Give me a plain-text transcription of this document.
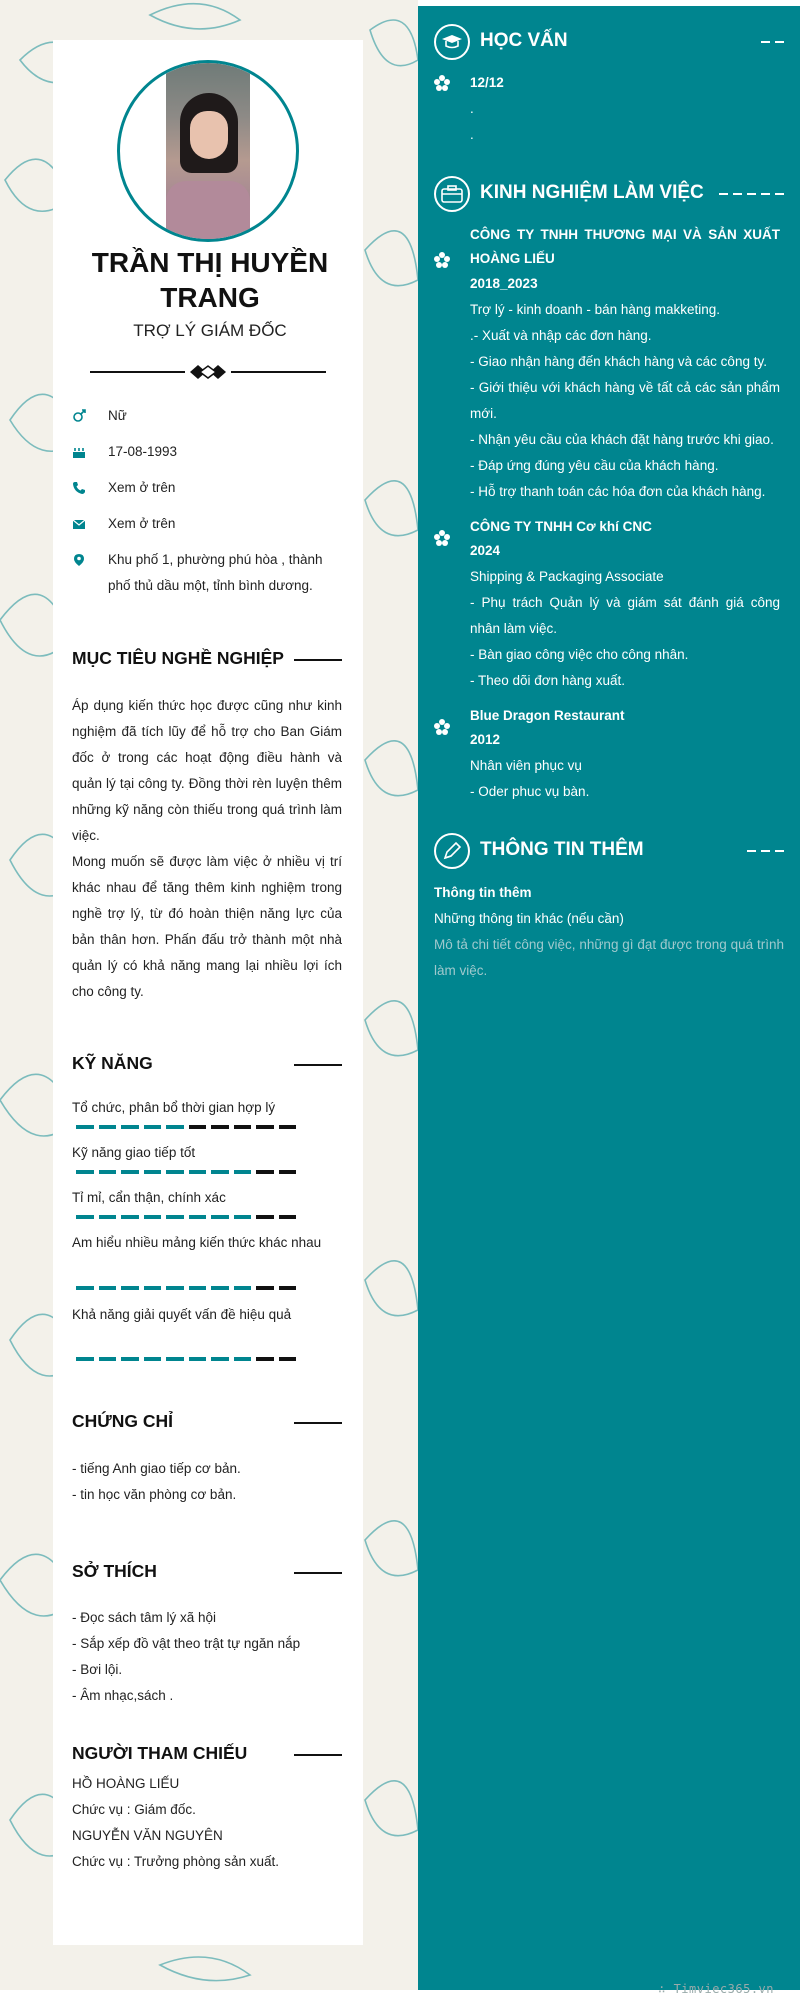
TRẦN THỊ HUYỀN TRANG
TRỢ LÝ GIÁM ĐỐC
Nữ
17-08-1993
Xem ở trên
Xem ở trên
Khu phố 1, phường phú hòa , thành phố thủ dầu một, tỉnh bình dương.
MỤC TIÊU NGHỀ NGHIỆP
Áp dụng kiến thức học được cũng như kinh nghiệm đã tích lũy để hỗ trợ cho Ban Giám đốc ở trong các hoạt động điều hành và quản lý tại công ty. Đồng thời rèn luyện thêm những kỹ năng còn thiếu trong quá trình làm việc.
Mong muốn sẽ được làm việc ở nhiều vị trí khác nhau để tăng thêm kinh nghiệm trong nghề trợ lý, từ đó hoàn thiện năng lực của bản thân hơn. Phấn đấu trở thành một nhà quản lý có khả năng mang lại nhiều lợi ích cho công ty.
KỸ NĂNG
Tổ chức, phân bổ thời gian hợp lý
Kỹ năng giao tiếp tốt
Tỉ mỉ, cẩn thận, chính xác
Am hiểu nhiều mảng kiến thức khác nhau
Khả năng giải quyết vấn đề hiệu quả
CHỨNG CHỈ
- tiếng Anh giao tiếp cơ bản.
- tin học văn phòng cơ bản.
SỞ THÍCH
- Đọc sách tâm lý xã hội
- Sắp xếp đồ vật theo trật tự ngăn nắp
- Bơi lội.
- Âm nhạc,sách .
NGƯỜI THAM CHIẾU
HỒ HOÀNG LIẾU
Chức vụ : Giám đốc.
NGUYỄN VĂN NGUYÊN
Chức vụ : Trưởng phòng sản xuất.
HỌC VẤN
12/12
.
.
KINH NGHIỆM LÀM VIỆC
CÔNG TY TNHH THƯƠNG MẠI VÀ SẢN XUẤT HOÀNG LIẾU
2018_2023
Trợ lý - kinh doanh - bán hàng makketing.
.- Xuất và nhập các đơn hàng.
- Giao nhận hàng đến khách hàng và các công ty.
- Giới thiệu với khách hàng về tất cả các sản phẩm mới.
- Nhận yêu cầu của khách đặt hàng trước khi giao.
- Đáp ứng đúng yêu cầu của khách hàng.
- Hỗ trợ thanh toán các hóa đơn của khách hàng.
CÔNG TY TNHH Cơ khí CNC
2024
Shipping & Packaging Associate
- Phụ trách Quản lý và giám sát đánh giá công nhân làm việc.
- Bàn giao công việc cho công nhân.
- Theo dõi đơn hàng xuất.
Blue Dragon Restaurant
2012
Nhân viên phục vụ
- Oder phuc vụ bàn.
THÔNG TIN THÊM
Thông tin thêm
Những thông tin khác (nếu cần)
Mô tả chi tiết công việc, những gì đạt được trong quá trình làm việc.
∴ Timviec365.vn
